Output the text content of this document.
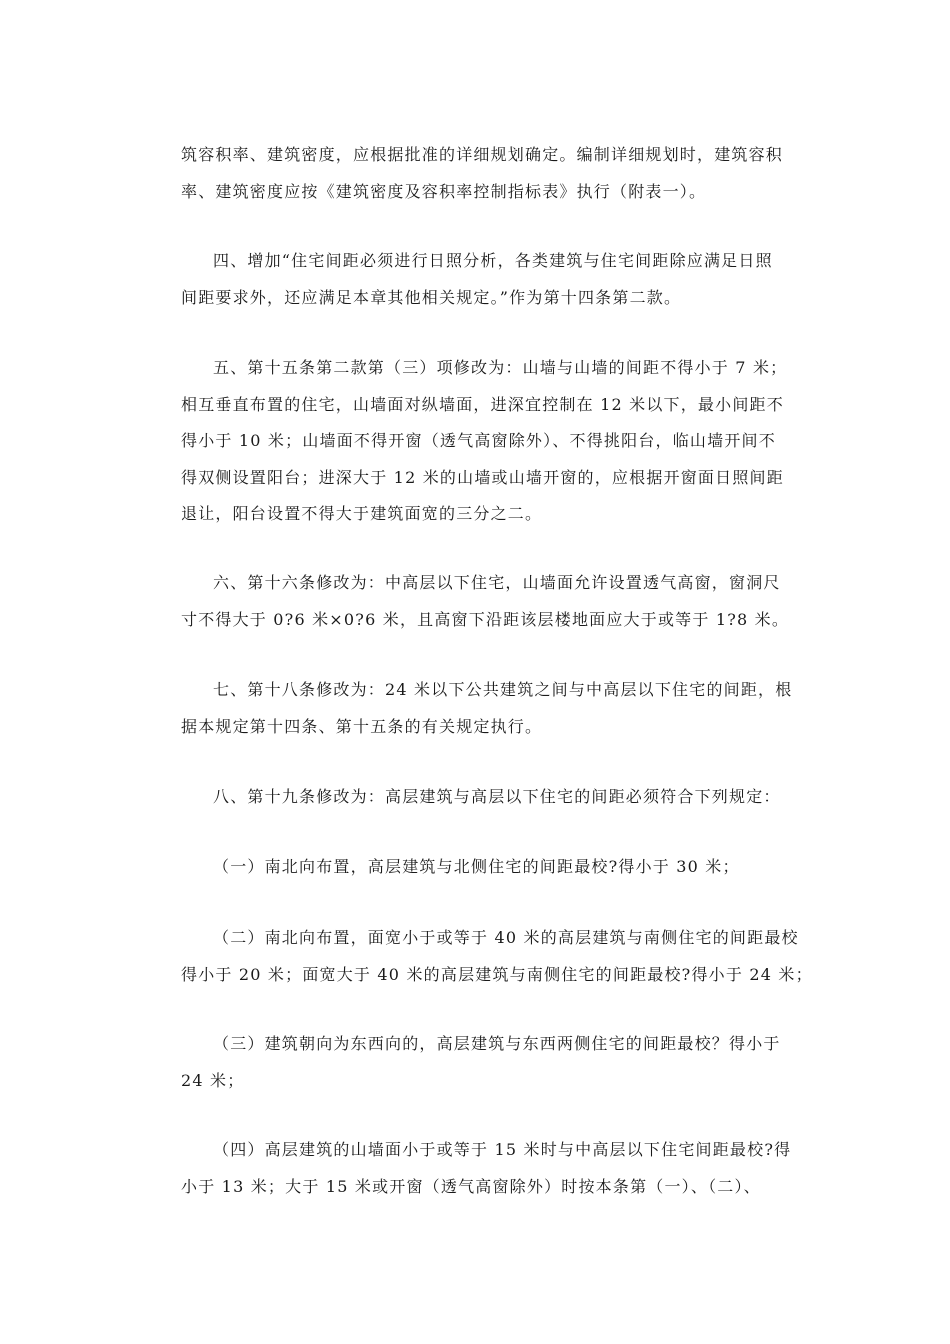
筑容积率、建筑密度，应根据批准的详细规划确定。编制详细规划时，建筑容积
率、建筑密度应按《建筑密度及容积率控制指标表》执行（附表一）。

四、增加“住宅间距必须进行日照分析，各类建筑与住宅间距除应满足日照
间距要求外，还应满足本章其他相关规定。”作为第十四条第二款。

五、第十五条第二款第（三）项修改为：山墙与山墙的间距不得小于 7 米；
相互垂直布置的住宅，山墙面对纵墙面，进深宜控制在 12 米以下，最小间距不
得小于 10 米；山墙面不得开窗（透气高窗除外）、不得挑阳台，临山墙开间不
得双侧设置阳台；进深大于 12 米的山墙或山墙开窗的，应根据开窗面日照间距
退让，阳台设置不得大于建筑面宽的三分之二。

六、第十六条修改为：中高层以下住宅，山墙面允许设置透气高窗，窗洞尺
寸不得大于 0?6 米×0?6 米，且高窗下沿距该层楼地面应大于或等于 1?8 米。

七、第十八条修改为：24 米以下公共建筑之间与中高层以下住宅的间距，根
据本规定第十四条、第十五条的有关规定执行。

八、第十九条修改为：高层建筑与高层以下住宅的间距必须符合下列规定：

（一）南北向布置，高层建筑与北侧住宅的间距最校?得小于 30 米；

（二）南北向布置，面宽小于或等于 40 米的高层建筑与南侧住宅的间距最校
得小于 20 米；面宽大于 40 米的高层建筑与南侧住宅的间距最校?得小于 24 米；

（三）建筑朝向为东西向的，高层建筑与东西两侧住宅的间距最校？得小于
24 米；

（四）高层建筑的山墙面小于或等于 15 米时与中高层以下住宅间距最校?得
小于 13 米；大于 15 米或开窗（透气高窗除外）时按本条第（一）、（二）、
